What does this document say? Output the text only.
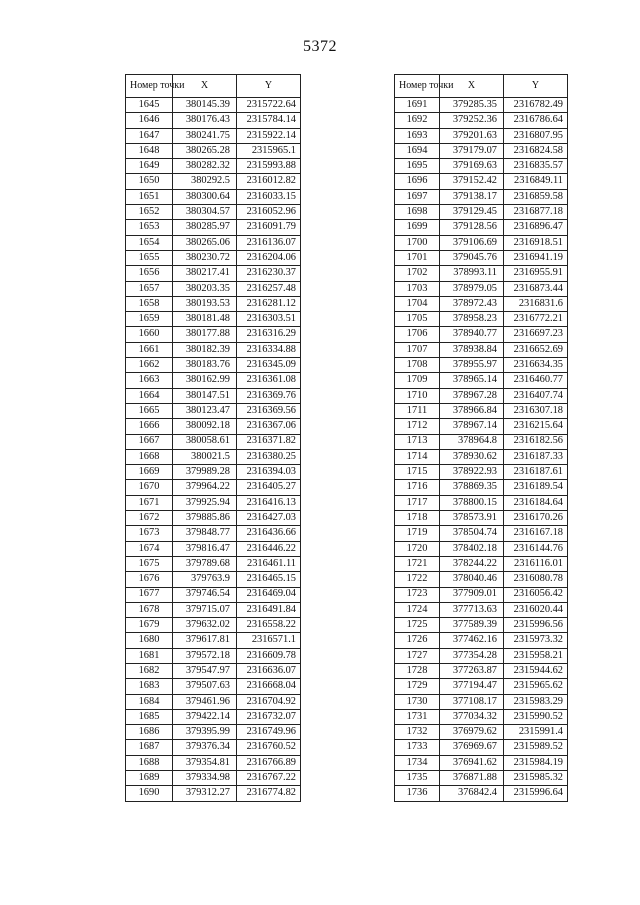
5372
Номер точки	X	Y
1645	380145.39	2315722.64
1646	380176.43	2315784.14
1647	380241.75	2315922.14
1648	380265.28	2315965.1
1649	380282.32	2315993.88
1650	380292.5	2316012.82
1651	380300.64	2316033.15
1652	380304.57	2316052.96
1653	380285.97	2316091.79
1654	380265.06	2316136.07
1655	380230.72	2316204.06
1656	380217.41	2316230.37
1657	380203.35	2316257.48
1658	380193.53	2316281.12
1659	380181.48	2316303.51
1660	380177.88	2316316.29
1661	380182.39	2316334.88
1662	380183.76	2316345.09
1663	380162.99	2316361.08
1664	380147.51	2316369.76
1665	380123.47	2316369.56
1666	380092.18	2316367.06
1667	380058.61	2316371.82
1668	380021.5	2316380.25
1669	379989.28	2316394.03
1670	379964.22	2316405.27
1671	379925.94	2316416.13
1672	379885.86	2316427.03
1673	379848.77	2316436.66
1674	379816.47	2316446.22
1675	379789.68	2316461.11
1676	379763.9	2316465.15
1677	379746.54	2316469.04
1678	379715.07	2316491.84
1679	379632.02	2316558.22
1680	379617.81	2316571.1
1681	379572.18	2316609.78
1682	379547.97	2316636.07
1683	379507.63	2316668.04
1684	379461.96	2316704.92
1685	379422.14	2316732.07
1686	379395.99	2316749.96
1687	379376.34	2316760.52
1688	379354.81	2316766.89
1689	379334.98	2316767.22
1690	379312.27	2316774.82
Номер точки	X	Y
1691	379285.35	2316782.49
1692	379252.36	2316786.64
1693	379201.63	2316807.95
1694	379179.07	2316824.58
1695	379169.63	2316835.57
1696	379152.42	2316849.11
1697	379138.17	2316859.58
1698	379129.45	2316877.18
1699	379128.56	2316896.47
1700	379106.69	2316918.51
1701	379045.76	2316941.19
1702	378993.11	2316955.91
1703	378979.05	2316873.44
1704	378972.43	2316831.6
1705	378958.23	2316772.21
1706	378940.77	2316697.23
1707	378938.84	2316652.69
1708	378955.97	2316634.35
1709	378965.14	2316460.77
1710	378967.28	2316407.74
1711	378966.84	2316307.18
1712	378967.14	2316215.64
1713	378964.8	2316182.56
1714	378930.62	2316187.33
1715	378922.93	2316187.61
1716	378869.35	2316189.54
1717	378800.15	2316184.64
1718	378573.91	2316170.26
1719	378504.74	2316167.18
1720	378402.18	2316144.76
1721	378244.22	2316116.01
1722	378040.46	2316080.78
1723	377909.01	2316056.42
1724	377713.63	2316020.44
1725	377589.39	2315996.56
1726	377462.16	2315973.32
1727	377354.28	2315958.21
1728	377263.87	2315944.62
1729	377194.47	2315965.62
1730	377108.17	2315983.29
1731	377034.32	2315990.52
1732	376979.62	2315991.4
1733	376969.67	2315989.52
1734	376941.62	2315984.19
1735	376871.88	2315985.32
1736	376842.4	2315996.64
